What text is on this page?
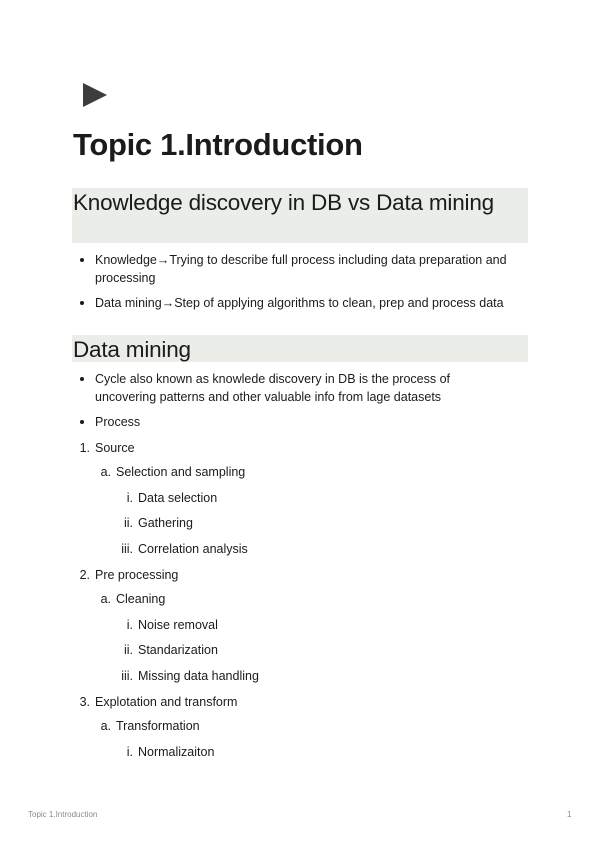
Topic 1.Introduction
Knowledge discovery in DB vs Data mining
Knowledge→Trying to describe full process including data preparation and processing
Data mining→Step of applying algorithms to clean, prep and process data
Data mining
Cycle also known as knowlede discovery in DB is the process of uncovering patterns and other valuable info from lage datasets
Process
1. Source
a. Selection and sampling
i. Data selection
ii. Gathering
iii. Correlation analysis
2. Pre processing
a. Cleaning
i. Noise removal
ii. Standarization
iii. Missing data handling
3. Explotation and transform
a. Transformation
i. Normalizaiton
Topic 1.Introduction	1
